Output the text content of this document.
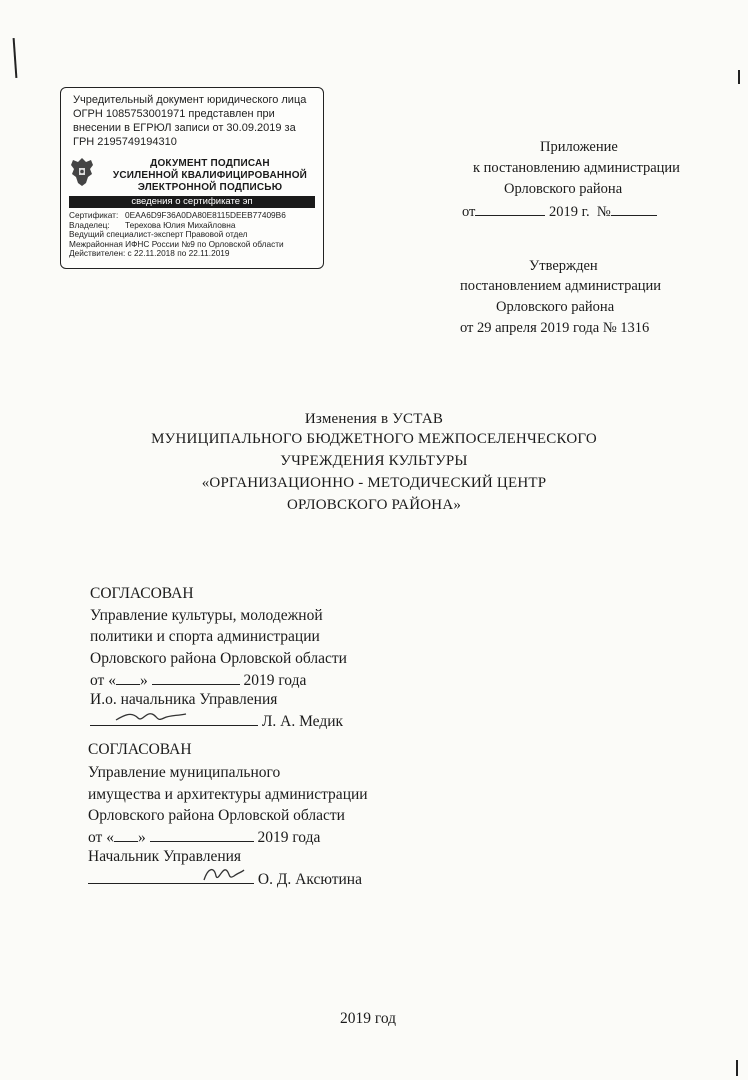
Учредительный документ юридического лица
ОГРН 1085753001971 представлен при
внесении в ЕГРЮЛ записи от 30.09.2019 за
ГРН 2195749194310
ДОКУМЕНТ ПОДПИСАН
УСИЛЕННОЙ КВАЛИФИЦИРОВАННОЙ
ЭЛЕКТРОННОЙ ПОДПИСЬЮ
сведения о сертификате эп
Сертификат: 0EAA6D9F36A0DA80E8115DEEB77409B6
Владелец: Терехова Юлия Михайловна
Ведущий специалист-эксперт Правовой отдел
Межрайонная ИФНС России №9 по Орловской области
Действителен: с 22.11.2018 по 22.11.2019
Приложение
к постановлению администрации
Орловского района
от	2019 г. №
Утвержден
постановлением администрации
Орловского района
от 29 апреля 2019 года № 1316
Изменения в УСТАВ
МУНИЦИПАЛЬНОГО БЮДЖЕТНОГО МЕЖПОСЕЛЕНЧЕСКОГО
УЧРЕЖДЕНИЯ КУЛЬТУРЫ
«ОРГАНИЗАЦИОННО - МЕТОДИЧЕСКИЙ ЦЕНТР
ОРЛОВСКОГО РАЙОНА»
СОГЛАСОВАН
Управление культуры, молодежной
политики и спорта администрации
Орловского района Орловской области
от « »	2019 года
И.о. начальника Управления
Л. А. Медик
СОГЛАСОВАН
Управление муниципального
имущества и архитектуры администрации
Орловского района Орловской области
от « »	2019 года
Начальник Управления
О. Д. Аксютина
2019 год
